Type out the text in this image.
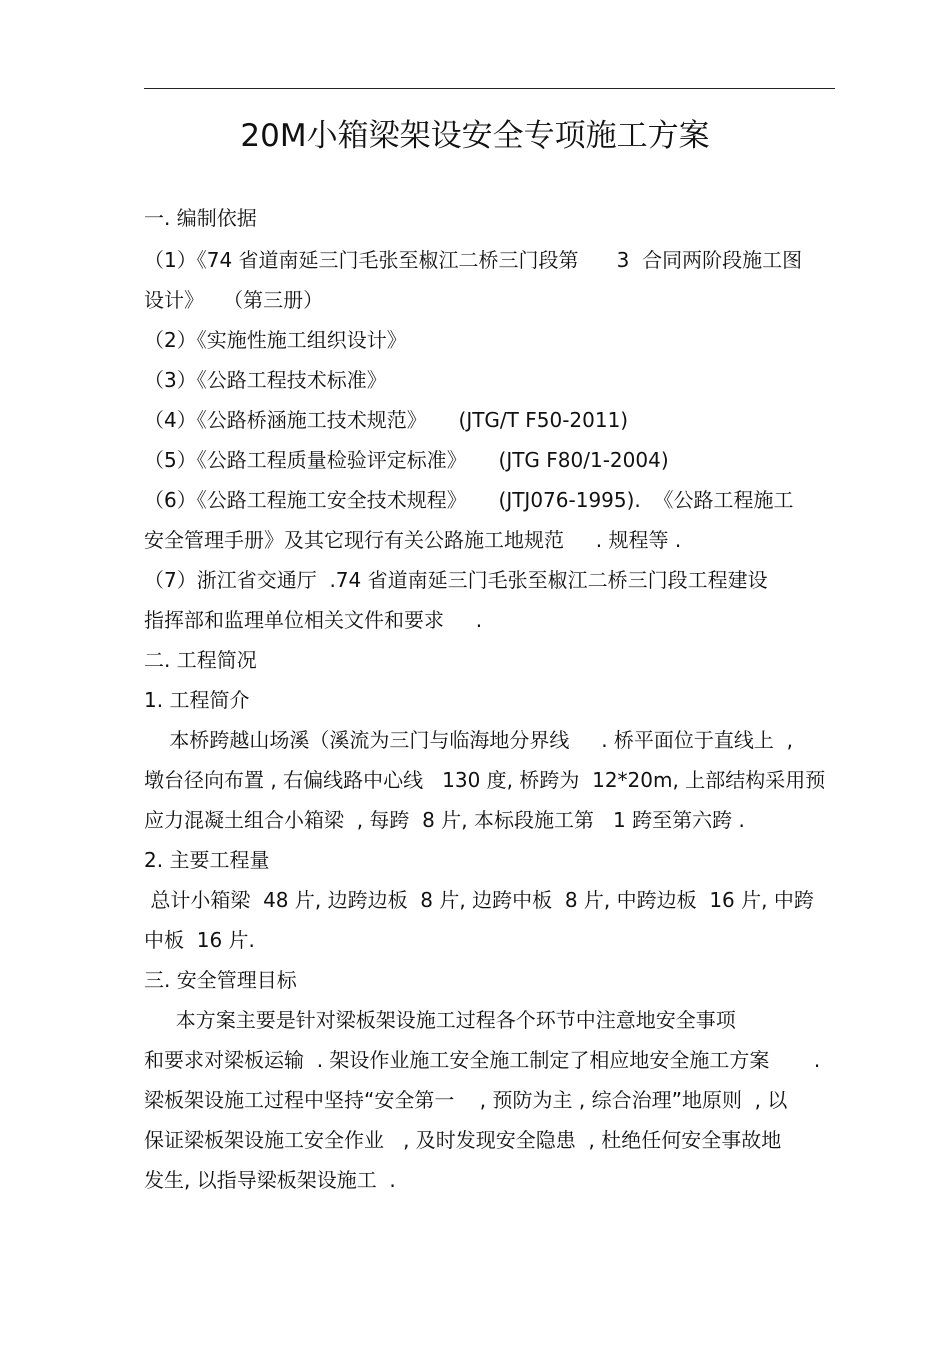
20M小箱梁架设安全专项施工方案
一. 编制依据
（1）《74 省道南延三门毛张至椒江二桥三门段第      3  合同两阶段施工图
设计》   （第三册）
（2）《实施性施工组织设计》
（3）《公路工程技术标准》
（4）《公路桥涵施工技术规范》     (JTG/T F50-2011)
（5）《公路工程质量检验评定标准》     (JTG F80/1-2004)
（6）《公路工程施工安全技术规程》     (JTJ076-1995).  《公路工程施工
安全管理手册》及其它现行有关公路施工地规范     . 规程等 .
（7）浙江省交通厅  .74 省道南延三门毛张至椒江二桥三门段工程建设
指挥部和监理单位相关文件和要求     .
二. 工程简况
1. 工程简介
本桥跨越山场溪（溪流为三门与临海地分界线     . 桥平面位于直线上  ,
墩台径向布置 , 右偏线路中心线   130 度, 桥跨为  12*20m, 上部结构采用预
应力混凝土组合小箱梁  , 每跨  8 片, 本标段施工第   1 跨至第六跨 .
2. 主要工程量
总计小箱梁  48 片, 边跨边板  8 片, 边跨中板  8 片, 中跨边板  16 片, 中跨
中板  16 片.
三. 安全管理目标
本方案主要是针对梁板架设施工过程各个环节中注意地安全事项
和要求对梁板运输  . 架设作业施工安全施工制定了相应地安全施工方案       .
梁板架设施工过程中坚持“安全第一    , 预防为主 , 综合治理”地原则  , 以
保证梁板架设施工安全作业   , 及时发现安全隐患  , 杜绝任何安全事故地
发生, 以指导梁板架设施工  .
